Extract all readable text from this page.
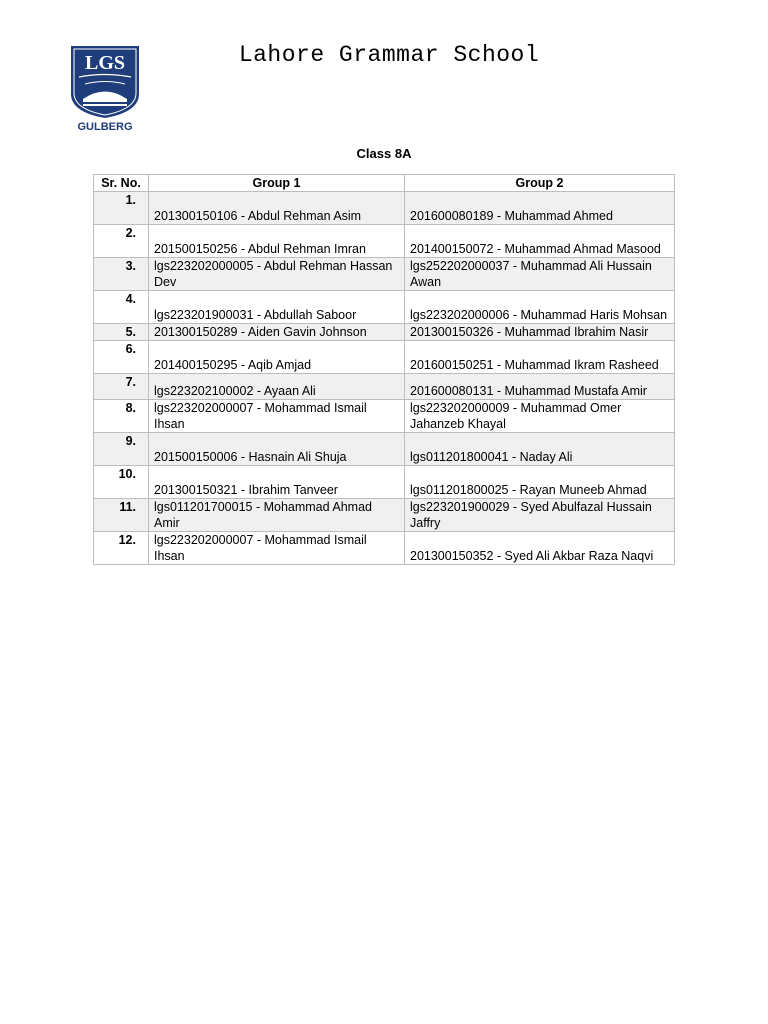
LGS
GULBERG
Lahore Grammar School
Class 8A
Sr. No.	Group 1	Group 2
1.	201300150106 - Abdul Rehman Asim	201600080189 - Muhammad Ahmed
2.	201500150256 - Abdul Rehman Imran	201400150072 - Muhammad Ahmad Masood
3.	lgs223202000005 - Abdul Rehman Hassan Dev	lgs252202000037 - Muhammad Ali Hussain Awan
4.	lgs223201900031 - Abdullah Saboor	lgs223202000006 - Muhammad Haris Mohsan
5.	201300150289 - Aiden Gavin Johnson	201300150326 - Muhammad Ibrahim Nasir
6.	201400150295 - Aqib Amjad	201600150251 - Muhammad Ikram Rasheed
7.	lgs223202100002 - Ayaan Ali	201600080131 - Muhammad Mustafa Amir
8.	lgs223202000007 - Mohammad Ismail Ihsan	lgs223202000009 - Muhammad Omer Jahanzeb Khayal
9.	201500150006 - Hasnain Ali Shuja	lgs011201800041 - Naday Ali
10.	201300150321 - Ibrahim Tanveer	lgs011201800025 - Rayan Muneeb Ahmad
11.	lgs011201700015 - Mohammad Ahmad Amir	lgs223201900029 - Syed Abulfazal Hussain Jaffry
12.	lgs223202000007 - Mohammad Ismail Ihsan	201300150352 - Syed Ali Akbar Raza Naqvi
